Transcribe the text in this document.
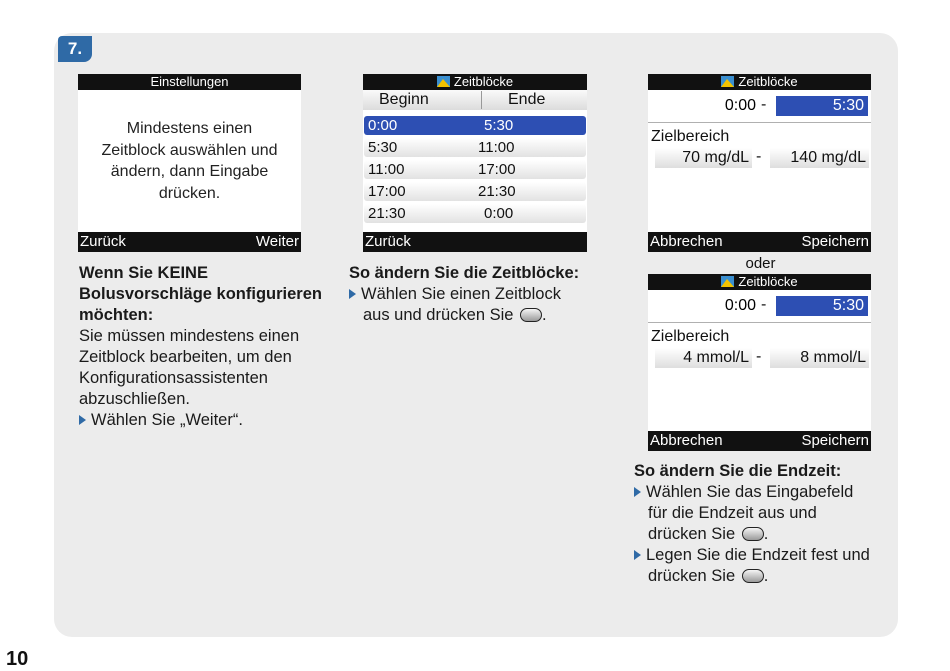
7.
Einstellungen
Mindestens einen
Zeitblock auswählen und
ändern, dann Eingabe
drücken.
Zurück	Weiter
Zeitblöcke
Beginn	Ende
0:00	5:30
5:30	11:00
11:00	17:00
17:00	21:30
21:30	0:00
Zurück
Zeitblöcke
0:00 -	5:30
Zielbereich
70 mg/dL -	140 mg/dL
Abbrechen	Speichern
oder
Zeitblöcke
0:00 -	5:30
Zielbereich
4 mmol/L -	8 mmol/L
Abbrechen	Speichern
Wenn Sie KEINE
Bolusvorschläge konfigurieren
möchten:
Sie müssen mindestens einen
Zeitblock bearbeiten, um den
Konfigurationsassistenten
abzuschließen.
Wählen Sie „Weiter“.
So ändern Sie die Zeitblöcke:
Wählen Sie einen Zeitblock
aus und drücken Sie .
So ändern Sie die Endzeit:
Wählen Sie das Eingabefeld
für die Endzeit aus und
drücken Sie .
Legen Sie die Endzeit fest und
drücken Sie .
10
